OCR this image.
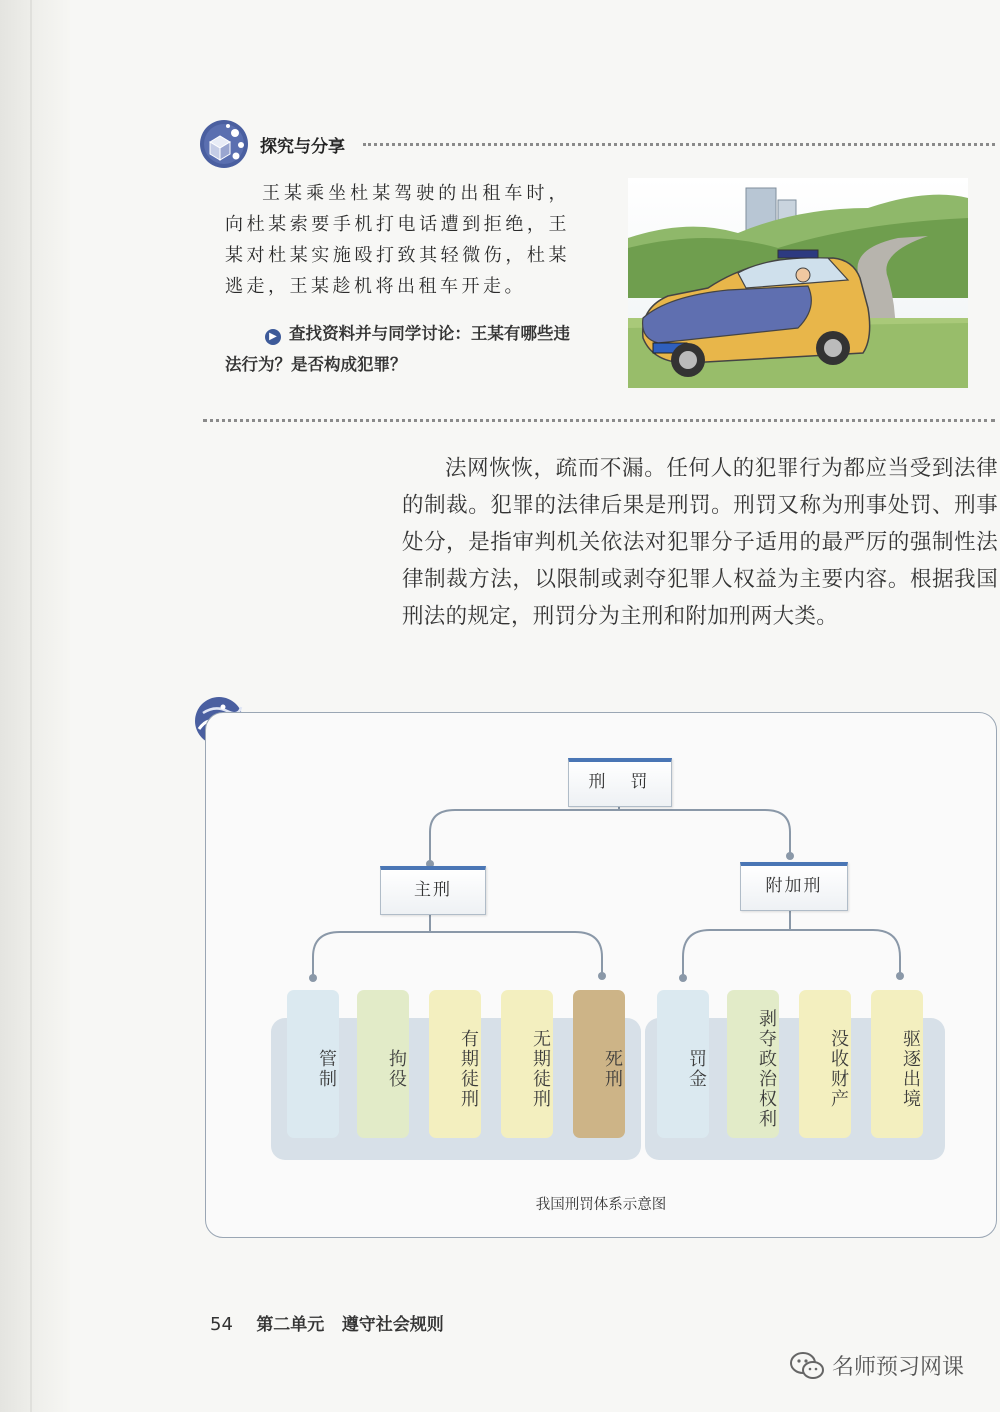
探究与分享

王某乘坐杜某驾驶的出租车时，向杜某索要手机打电话遭到拒绝，王某对杜某实施殴打致其轻微伤，杜某逃走，王某趁机将出租车开走。

▶ 查找资料并与同学讨论：王某有哪些违法行为？是否构成犯罪？

法网恢恢，疏而不漏。任何人的犯罪行为都应当受到法律的制裁。犯罪的法律后果是刑罚。刑罚又称为刑事处罚、刑事处分，是指审判机关依法对犯罪分子适用的最严厉的强制性法律制裁方法，以限制或剥夺犯罪人权益为主要内容。根据我国刑法的规定，刑罚分为主刑和附加刑两大类。

刑　罚
主刑	附加刑
管制	拘役	有期徒刑	无期徒刑	死刑	罚金	剥夺政治权利	没收财产	驱逐出境

我国刑罚体系示意图

54 第二单元 遵守社会规则
名师预习网课
